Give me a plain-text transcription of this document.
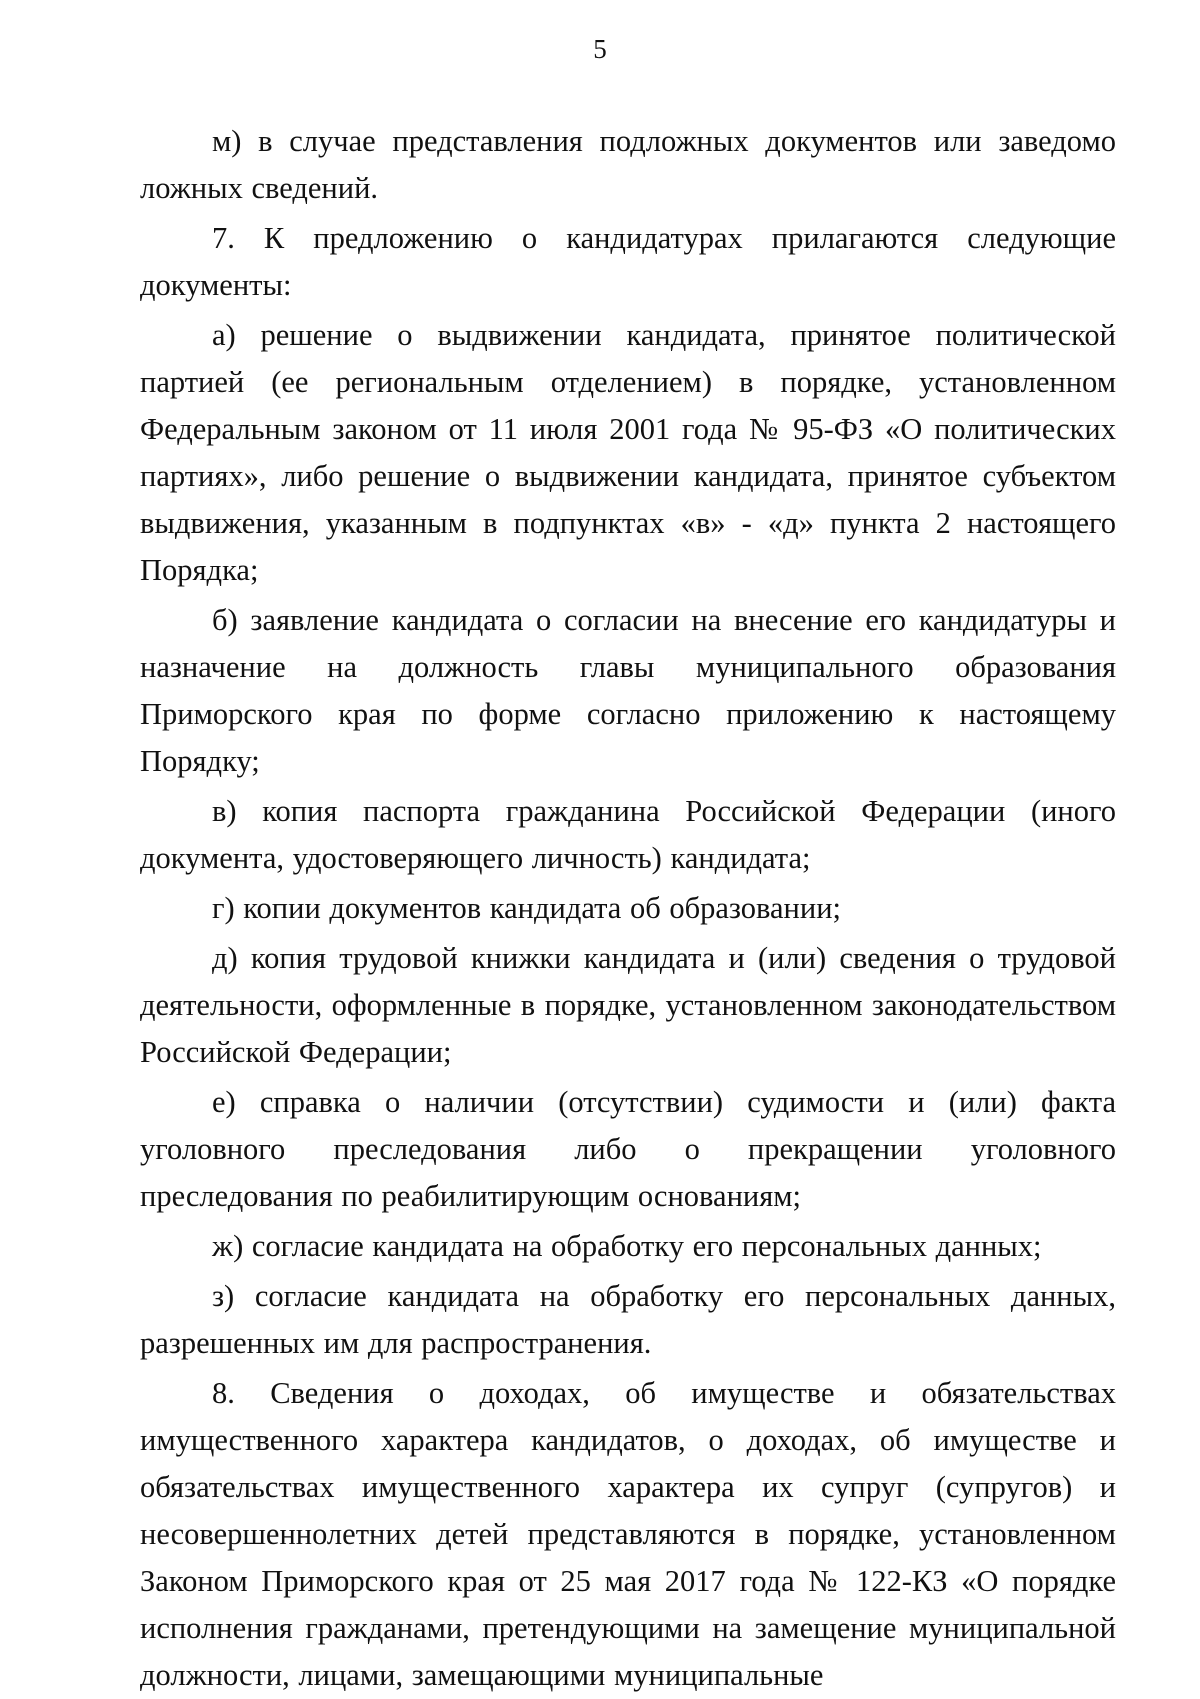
5

м) в случае представления подложных документов или заведомо ложных сведений.

7. К предложению о кандидатурах прилагаются следующие документы:

а) решение о выдвижении кандидата, принятое политической партией (ее региональным отделением) в порядке, установленном Федеральным законом от 11 июля 2001 года № 95-ФЗ «О политических партиях», либо решение о выдвижении кандидата, принятое субъектом выдвижения, указанным в подпунктах «в» - «д» пункта 2 настоящего Порядка;

б) заявление кандидата о согласии на внесение его кандидатуры и назначение на должность главы муниципального образования Приморского края по форме согласно приложению к настоящему Порядку;

в) копия паспорта гражданина Российской Федерации (иного документа, удостоверяющего личность) кандидата;

г) копии документов кандидата об образовании;

д) копия трудовой книжки кандидата и (или) сведения о трудовой деятельности, оформленные в порядке, установленном законодательством Российской Федерации;

е) справка о наличии (отсутствии) судимости и (или) факта уголовного преследования либо о прекращении уголовного преследования по реабилитирующим основаниям;

ж) согласие кандидата на обработку его персональных данных;

з) согласие кандидата на обработку его персональных данных, разрешенных им для распространения.

8. Сведения о доходах, об имуществе и обязательствах имущественного характера кандидатов, о доходах, об имуществе и обязательствах имущественного характера их супруг (супругов) и несовершеннолетних детей представляются в порядке, установленном Законом Приморского края от 25 мая 2017 года № 122-КЗ «О порядке исполнения гражданами, претендующими на замещение муниципальной должности, лицами, замещающими муниципальные
